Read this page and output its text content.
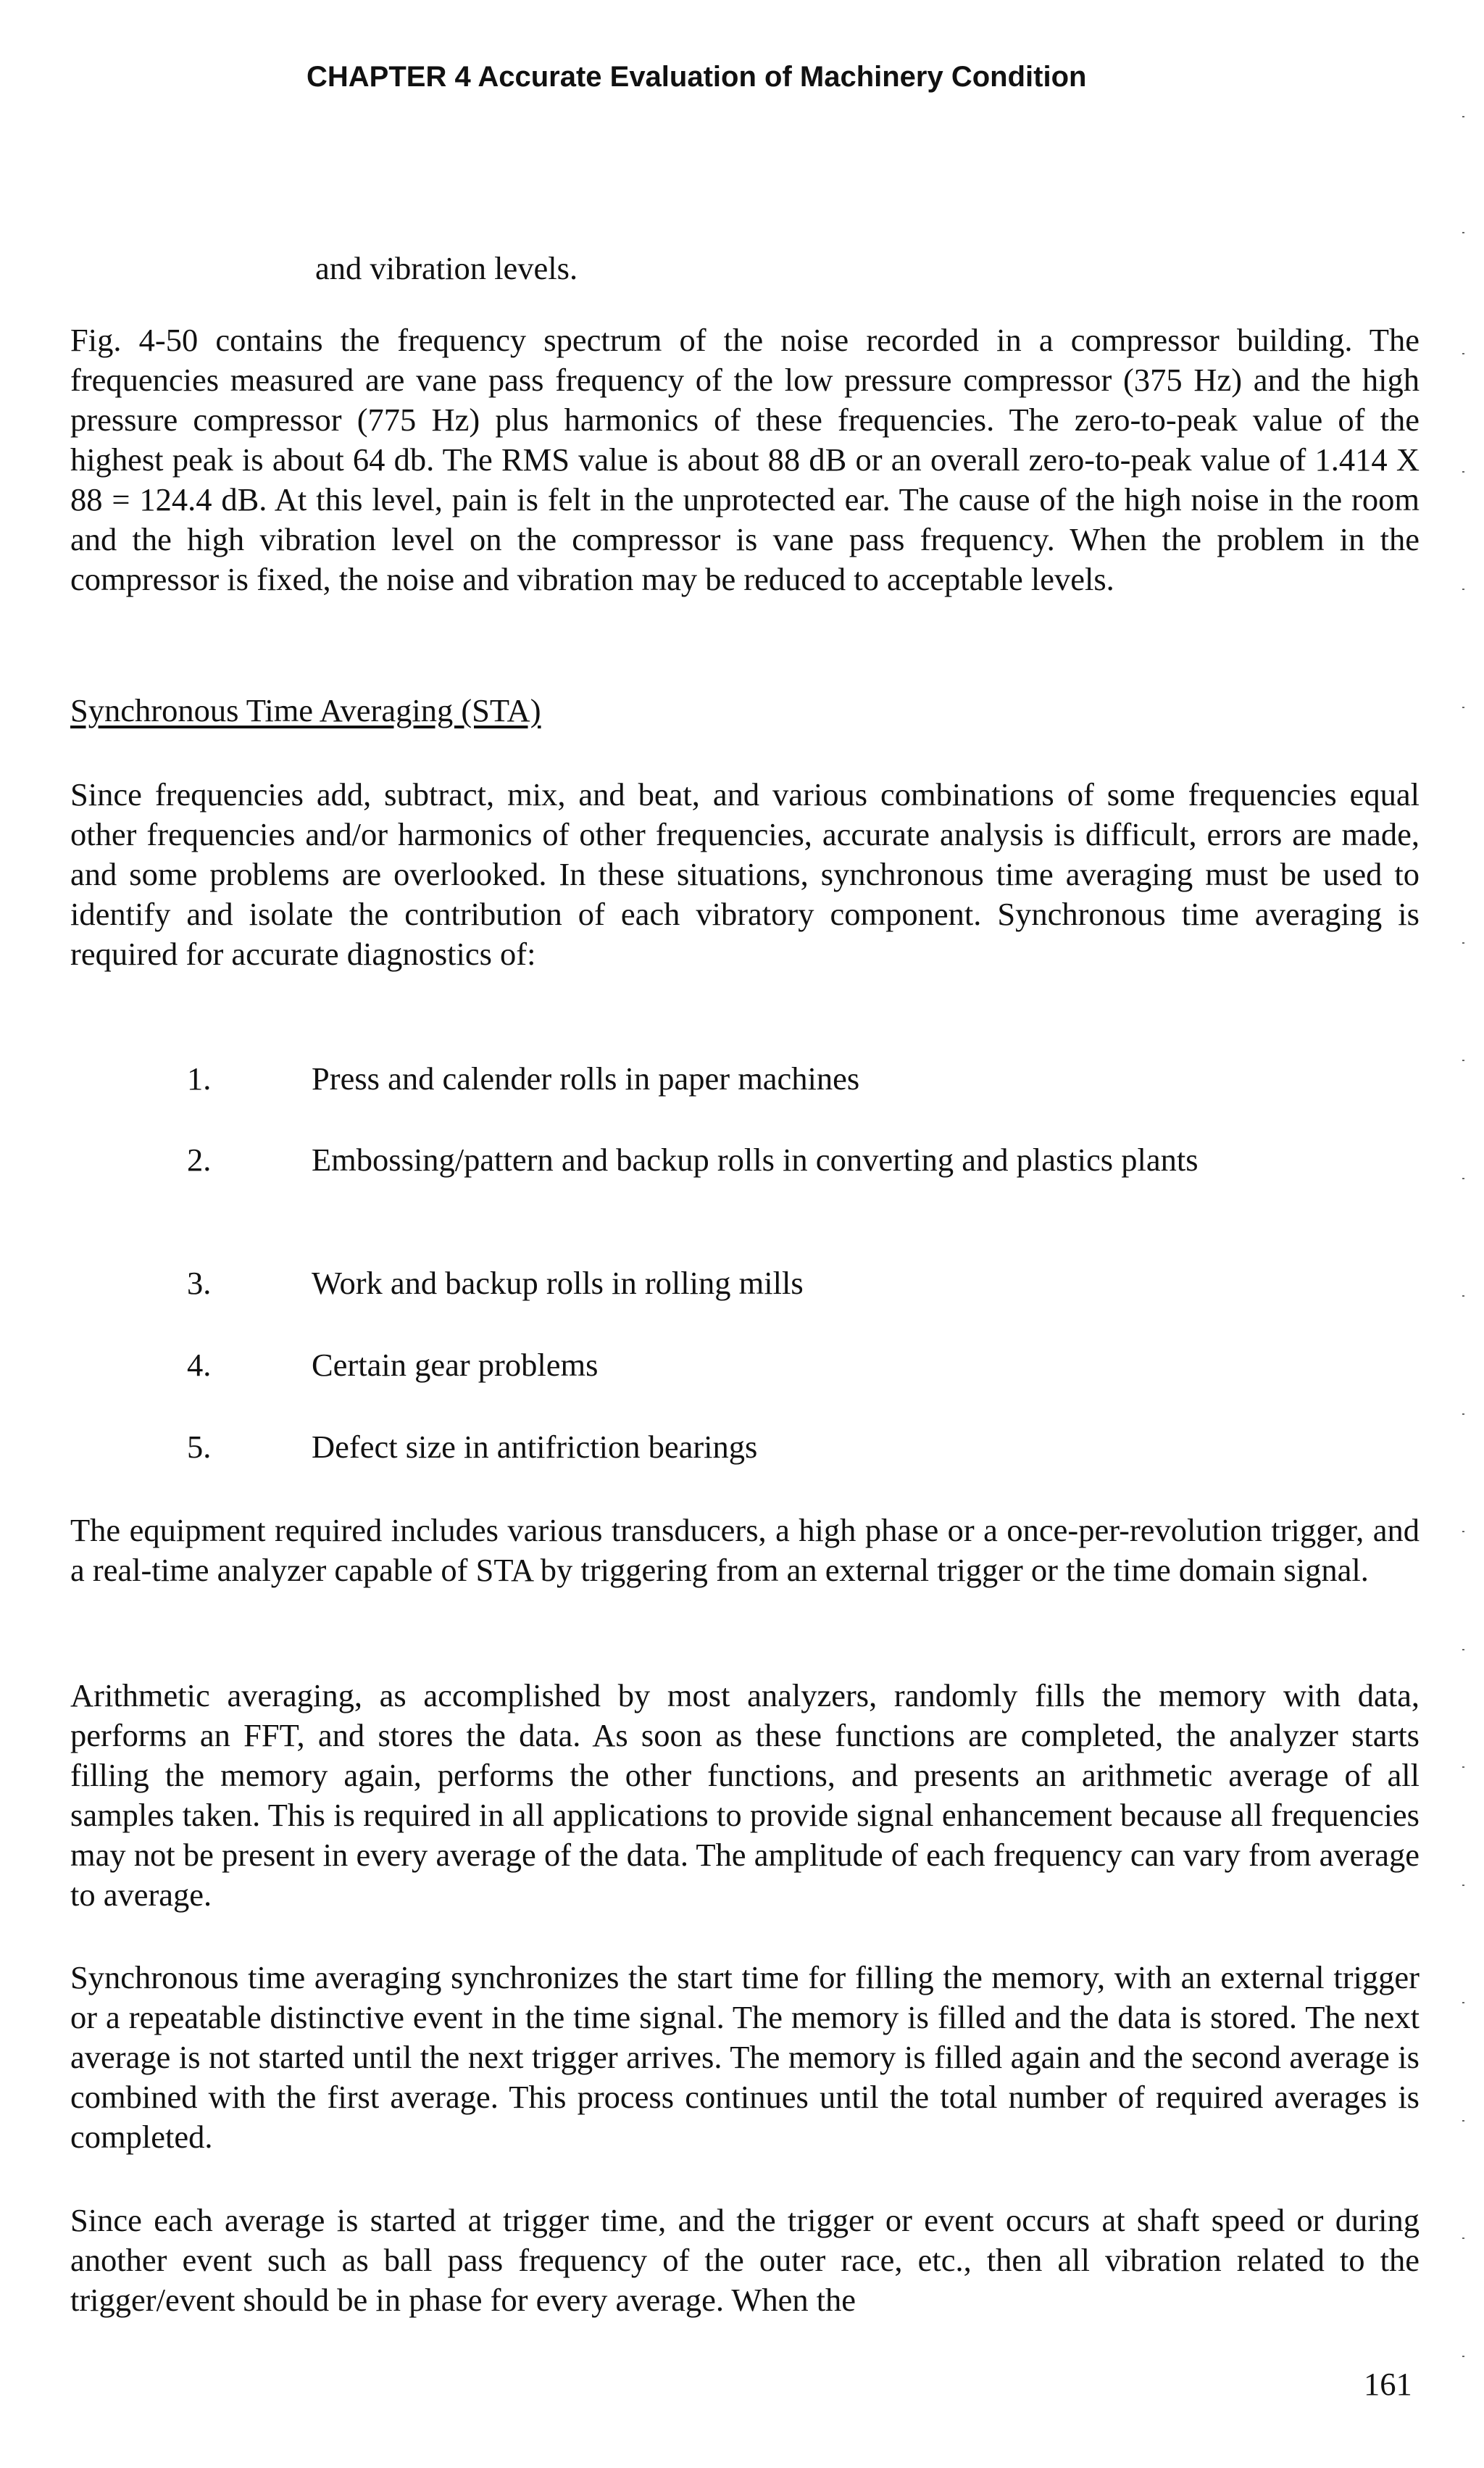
CHAPTER 4 Accurate Evaluation of Machinery Condition

and vibration levels.

Fig. 4-50 contains the frequency spectrum of the noise recorded in a compressor building. The frequencies measured are vane pass frequency of the low pressure compressor (375 Hz) and the high pressure compressor (775 Hz) plus harmonics of these frequencies. The zero-to-peak value of the highest peak is about 64 db. The RMS value is about 88 dB or an overall zero-to-peak value of 1.414 X 88 = 124.4 dB. At this level, pain is felt in the unprotected ear. The cause of the high noise in the room and the high vibration level on the compressor is vane pass frequency. When the problem in the compressor is fixed, the noise and vibration may be reduced to acceptable levels.

Synchronous Time Averaging (STA)

Since frequencies add, subtract, mix, and beat, and various combinations of some frequencies equal other frequencies and/or harmonics of other frequencies, accurate analysis is difficult, errors are made, and some problems are overlooked. In these situations, synchronous time averaging must be used to identify and isolate the contribution of each vibratory component. Synchronous time averaging is required for accurate diagnostics of:

1.	Press and calender rolls in paper machines
2.	Embossing/pattern and backup rolls in converting and plastics plants
3.	Work and backup rolls in rolling mills
4.	Certain gear problems
5.	Defect size in antifriction bearings

The equipment required includes various transducers, a high phase or a once-per-revolution trigger, and a real-time analyzer capable of STA by triggering from an external trigger or the time domain signal.

Arithmetic averaging, as accomplished by most analyzers, randomly fills the memory with data, performs an FFT, and stores the data. As soon as these functions are completed, the analyzer starts filling the memory again, performs the other functions, and presents an arithmetic average of all samples taken. This is required in all applications to provide signal enhancement because all frequencies may not be present in every average of the data. The amplitude of each frequency can vary from average to average.

Synchronous time averaging synchronizes the start time for filling the memory, with an external trigger or a repeatable distinctive event in the time signal. The memory is filled and the data is stored. The next average is not started until the next trigger arrives. The memory is filled again and the second average is combined with the first average. This process continues until the total number of required averages is completed.

Since each average is started at trigger time, and the trigger or event occurs at shaft speed or during another event such as ball pass frequency of the outer race, etc., then all vibration related to the trigger/event should be in phase for every average. When the

161
